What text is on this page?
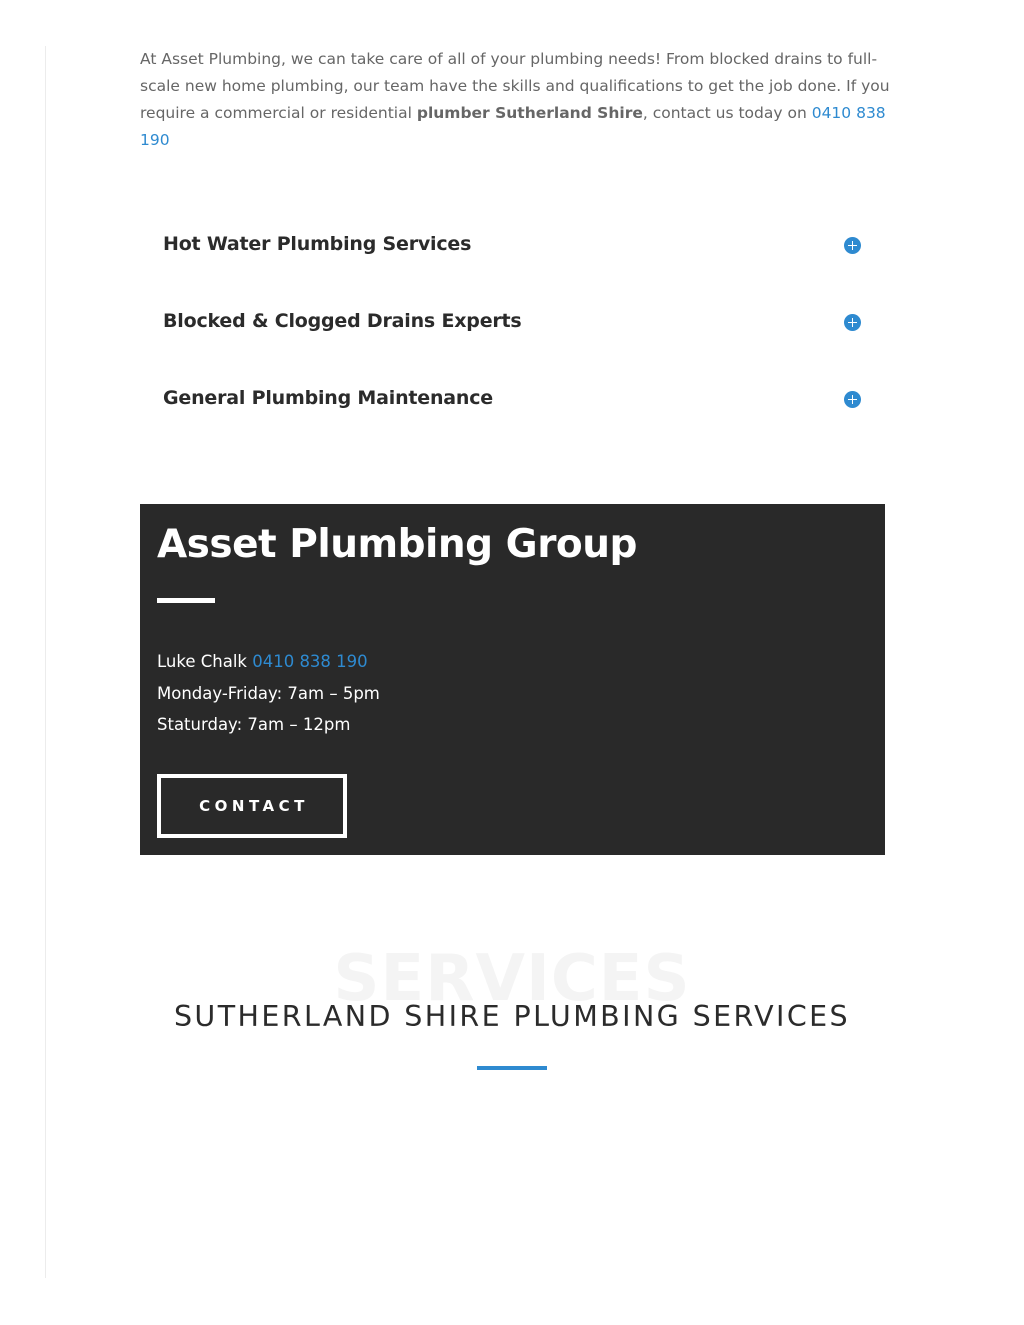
At Asset Plumbing, we can take care of all of your plumbing needs! From blocked drains to full-scale new home plumbing, our team have the skills and qualifications to get the job done. If you require a commercial or residential plumber Sutherland Shire, contact us today on 0410 838 190

Hot Water Plumbing Services
Blocked & Clogged Drains Experts
General Plumbing Maintenance
Asset Plumbing Group
Luke Chalk 0410 838 190
Monday-Friday: 7am – 5pm
Staturday: 7am – 12pm
CONTACT
SERVICES
SUTHERLAND SHIRE PLUMBING SERVICES
